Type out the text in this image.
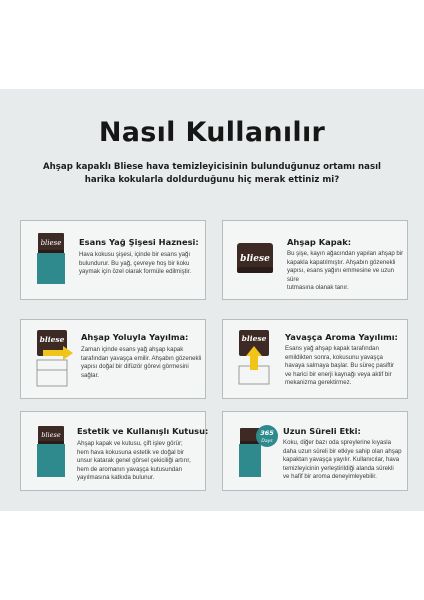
Nasıl Kullanılır
Ahşap kapaklı Bliese hava temizleyicisinin bulunduğunuz ortamı nasıl
harika kokularla doldurduğunu hiç merak ettiniz mi?
bliese Esans Yağ Şişesi Haznesi:
Hava kokusu şişesi, içinde bir esans yağı
bulundurur. Bu yağ, çevreye hoş bir koku
yaymak için özel olarak formüle edilmiştir.
bliese
Ahşap Kapak:
Bu şişe, kayın ağacından yapılan ahşap bir
kapakla kapatılmıştır. Ahşabın gözenekli
yapısı, esans yağını emmesine ve uzun süre
tutmasına olanak tanır.
bliese Ahşap Yoluyla Yayılma:
Zaman içinde esans yağ ahşap kapak
tarafından yavaşça emilir. Ahşabın gözenekli
yapısı doğal bir difüzör görevi görmesini
sağlar.
bliese Yavaşça Aroma Yayılımı:
Esans yağ ahşap kapak tarafından
emildikten sonra, kokusunu yavaşça
havaya salmaya başlar. Bu süreç pasiftir
ve harici bir enerji kaynağı veya aktif bir
mekanizma gerektirmez.
bliese Estetik ve Kullanışlı Kutusu:
Ahşap kapak ve kutusu, çift işlev görür;
hem hava kokusuna estetik ve doğal bir
unsur katarak genel görsel çekiciliği artırır,
hem de aromanın yavaşça kutusundan
yayılmasına katkıda bulunur.
365
Days
Uzun Süreli Etki:
Koku, diğer bazı oda spreylerine kıyasla
daha uzun süreli bir etkiye sahip olan ahşap
kapaktan yavaşça yayılır. Kullanıcılar, hava
temizleyicinin yerleştirildiği alanda sürekli
ve hafif bir aroma deneyimleyebilir.
